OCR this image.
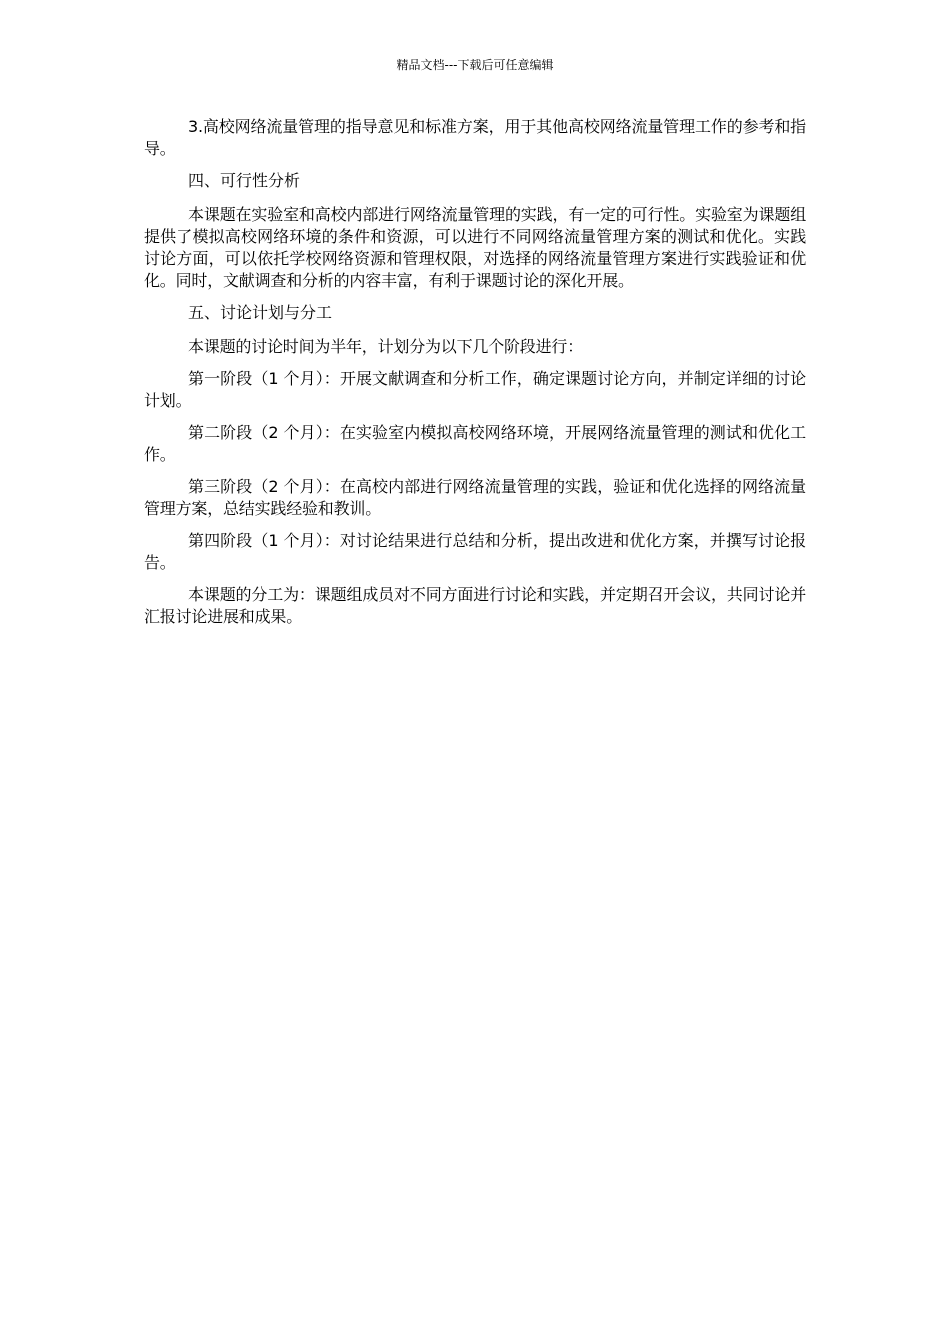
精品文档---下载后可任意编辑

3.高校网络流量管理的指导意见和标准方案，用于其他高校网络流量管理工作的参考和指导。

四、可行性分析

本课题在实验室和高校内部进行网络流量管理的实践，有一定的可行性。实验室为课题组提供了模拟高校网络环境的条件和资源，可以进行不同网络流量管理方案的测试和优化。实践讨论方面，可以依托学校网络资源和管理权限，对选择的网络流量管理方案进行实践验证和优化。同时，文献调查和分析的内容丰富，有利于课题讨论的深化开展。

五、讨论计划与分工

本课题的讨论时间为半年，计划分为以下几个阶段进行：

第一阶段（1 个月）：开展文献调查和分析工作，确定课题讨论方向，并制定详细的讨论计划。

第二阶段（2 个月）：在实验室内模拟高校网络环境，开展网络流量管理的测试和优化工作。

第三阶段（2 个月）：在高校内部进行网络流量管理的实践，验证和优化选择的网络流量管理方案，总结实践经验和教训。

第四阶段（1 个月）：对讨论结果进行总结和分析，提出改进和优化方案，并撰写讨论报告。

本课题的分工为：课题组成员对不同方面进行讨论和实践，并定期召开会议，共同讨论并汇报讨论进展和成果。
